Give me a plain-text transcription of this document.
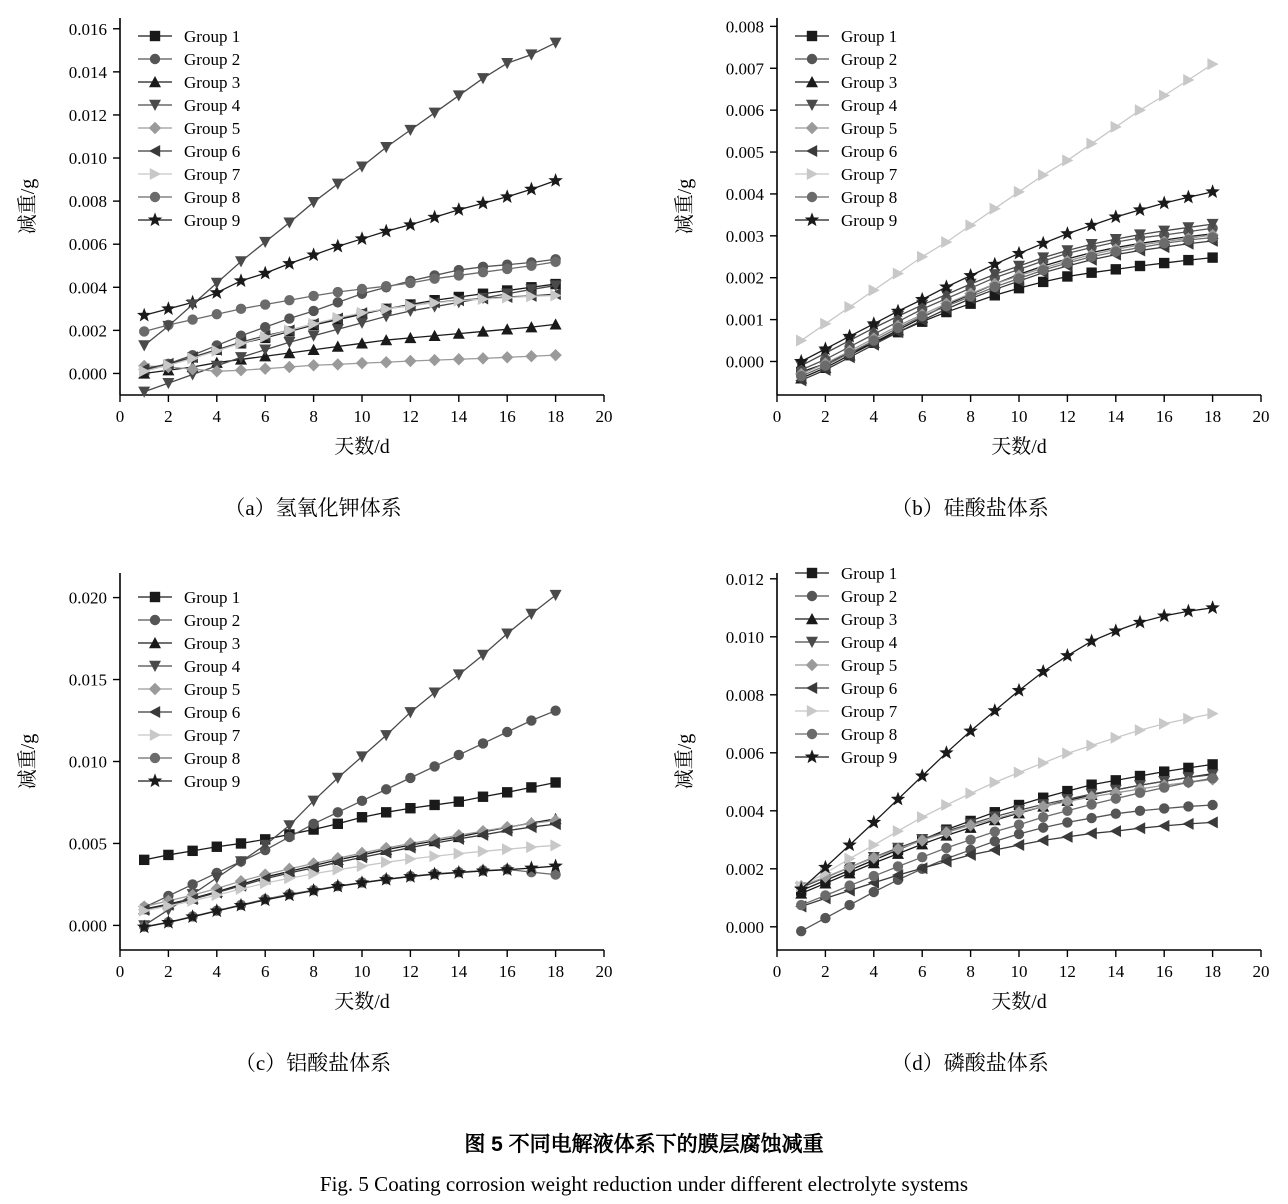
0 2 4 6 8 10 12 14 16 18 20
0.000
0.002
0.004
0.006
0.008
0.010
0.012
0.014
0.016
天数/d
减重/g
Group 1
Group 2
Group 3
Group 4
Group 5
Group 6
Group 7
Group 8
Group 9
（a）氢氧化钾体系
0 2 4 6 8 10 12 14 16 18 20
0.000
0.001
0.002
0.003
0.004
0.005
0.006
0.007
0.008
天数/d
减重/g
Group 1
Group 2
Group 3
Group 4
Group 5
Group 6
Group 7
Group 8
Group 9
（b）硅酸盐体系
0 2 4 6 8 10 12 14 16 18 20
0.000
0.005
0.010
0.015
0.020
天数/d
减重/g
Group 1
Group 2
Group 3
Group 4
Group 5
Group 6
Group 7
Group 8
Group 9
（c）铝酸盐体系
0 2 4 6 8 10 12 14 16 18 20
0.000
0.002
0.004
0.006
0.008
0.010
0.012
天数/d
减重/g
Group 1
Group 2
Group 3
Group 4
Group 5
Group 6
Group 7
Group 8
Group 9
（d）磷酸盐体系
图 5 不同电解液体系下的膜层腐蚀减重
Fig. 5 Coating corrosion weight reduction under different electrolyte systems
